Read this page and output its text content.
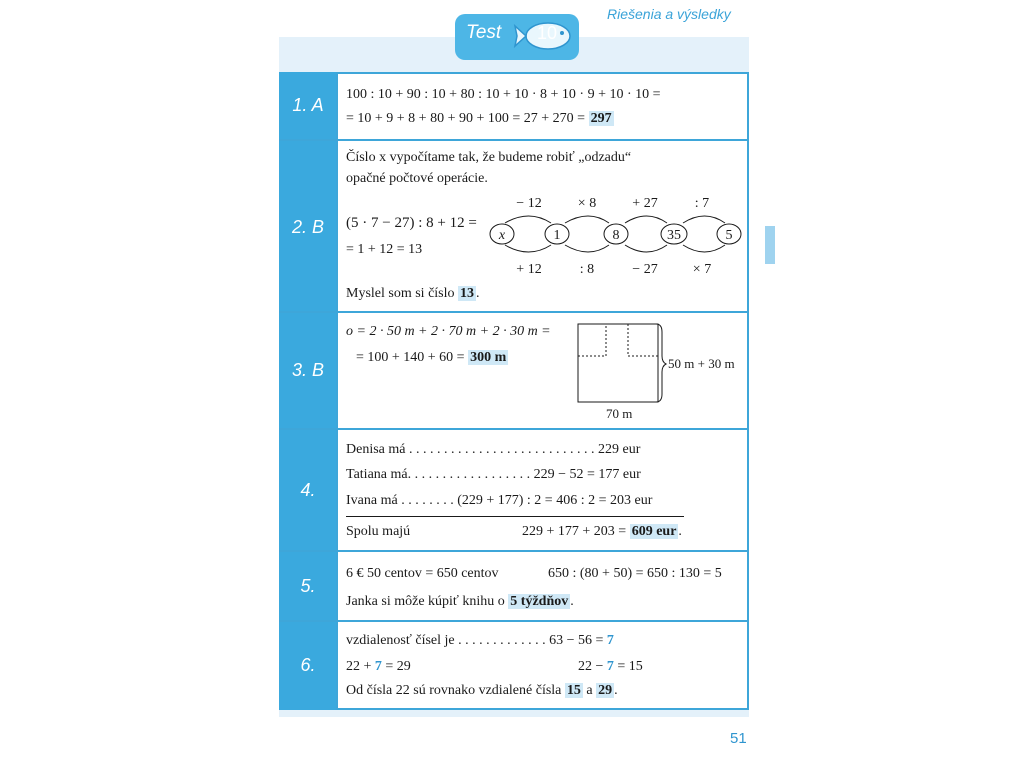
Riešenia a výsledky
Test 10
1. A
100 : 10 + 90 : 10 + 80 : 10 + 10 · 8 + 10 · 9 + 10 · 10 =
= 10 + 9 + 8 + 80 + 90 + 100 = 27 + 270 = 297
2. B
Číslo x vypočítame tak, že budeme robiť „odzadu“
opačné počtové operácie.
(5 · 7 − 27) : 8 + 12 =
= 1 + 12 = 13
x	1	8	35	5
− 12	× 8	+ 27	: 7
+ 12	: 8	− 27	× 7
Myslel som si číslo 13 .
3. B
o = 2 · 50 m + 2 · 70 m + 2 · 30 m =
= 100 + 140 + 60 = 300 m	50 m + 30 m
70 m
4.
Denisa má . . . . . . . . . . . . . . . . . . . . . . . . . . . 229 eur
Tatiana má. . . . . . . . . . . . . . . . . . 229 − 52 = 177 eur
Ivana má . . . . . . . . (229 + 177) : 2 = 406 : 2 = 203 eur
Spolu majú	229 + 177 + 203 = 609 eur .
5.
6 € 50 centov = 650 centov	650 : (80 + 50) = 650 : 130 = 5
Janka si môže kúpiť knihu o 5 týždňov .
6.
vzdialenosť čísel je . . . . . . . . . . . . . 63 − 56 = 7
22 + 7 = 29	22 − 7 = 15
Od čísla 22 sú rovnako vzdialené čísla 15 a 29 .
51
